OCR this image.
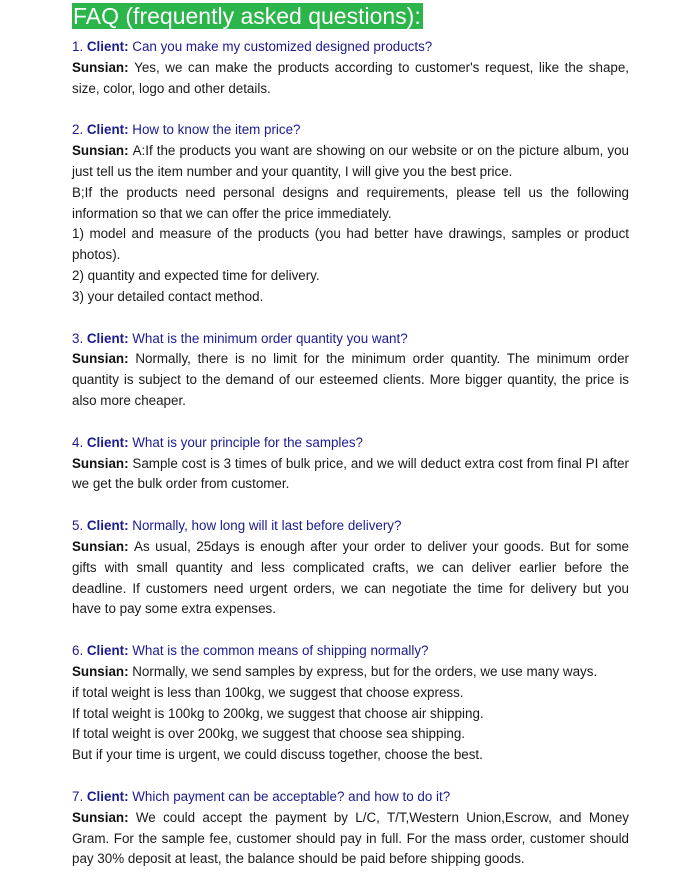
FAQ (frequently asked questions):
1. Client: Can you make my customized designed products?
Sunsian: Yes, we can make the products according to customer's request, like the shape, size, color, logo and other details.
2. Client: How to know the item price?
Sunsian: A:If the products you want are showing on our website or on the picture album, you just tell us the item number and your quantity, I will give you the best price.
B;If the products need personal designs and requirements, please tell us the following information so that we can offer the price immediately.
1) model and measure of the products (you had better have drawings, samples or product photos).
2) quantity and expected time for delivery.
3) your detailed contact method.
3. Client: What is the minimum order quantity you want?
Sunsian: Normally, there is no limit for the minimum order quantity. The minimum order quantity is subject to the demand of our esteemed clients. More bigger quantity, the price is also more cheaper.
4. Client: What is your principle for the samples?
Sunsian: Sample cost is 3 times of bulk price, and we will deduct extra cost from final PI after we get the bulk order from customer.
5. Client: Normally, how long will it last before delivery?
Sunsian: As usual, 25days is enough after your order to deliver your goods. But for some gifts with small quantity and less complicated crafts, we can deliver earlier before the deadline. If customers need urgent orders, we can negotiate the time for delivery but you have to pay some extra expenses.
6. Client: What is the common means of shipping normally?
Sunsian: Normally, we send samples by express, but for the orders, we use many ways.
if total weight is less than 100kg, we suggest that choose express.
If total weight is 100kg to 200kg, we suggest that choose air shipping.
If total weight is over 200kg, we suggest that choose sea shipping.
But if your time is urgent, we could discuss together, choose the best.
7. Client: Which payment can be acceptable? and how to do it?
Sunsian: We could accept the payment by L/C, T/T,Western Union,Escrow, and Money Gram. For the sample fee, customer should pay in full. For the mass order, customer should pay 30% deposit at least, the balance should be paid before shipping goods.
